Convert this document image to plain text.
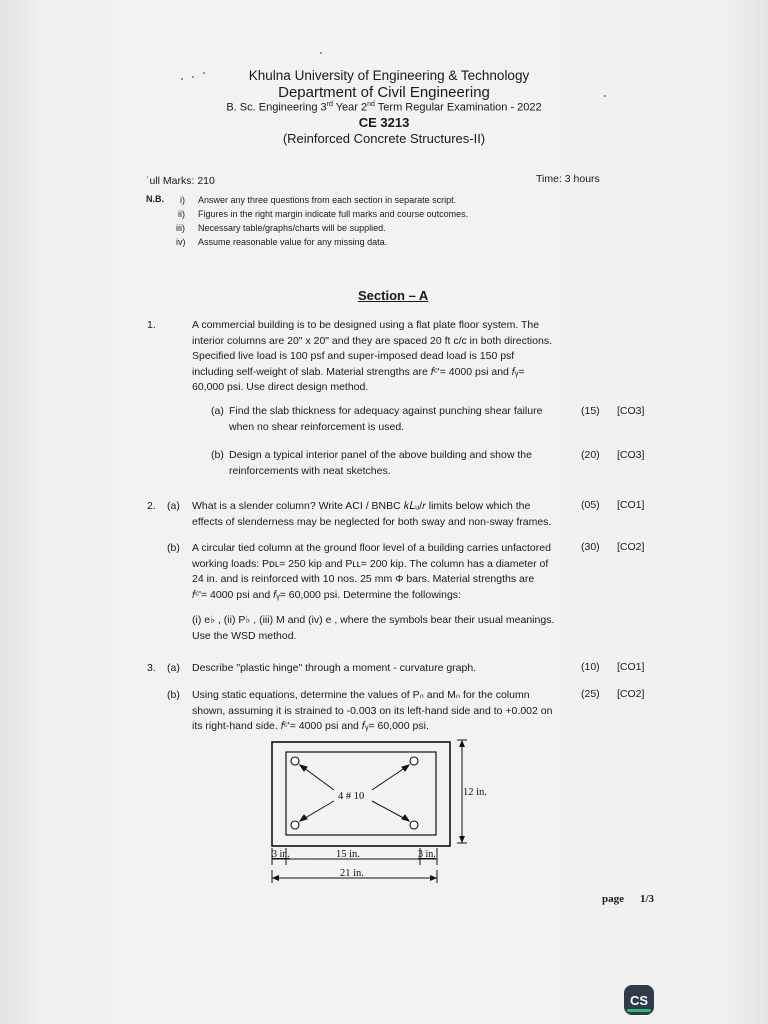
Khulna University of Engineering & Technology
Department of Civil Engineering
B. Sc. Engineering 3rd Year 2nd Term Regular Examination - 2022
CE 3213
(Reinforced Concrete Structures-II)
ˈull Marks: 210	Time: 3 hours
N.B. i) Answer any three questions from each section in separate script.
ii) Figures in the right margin indicate full marks and course outcomes.
iii) Necessary table/graphs/charts will be supplied.
iv) Assume reasonable value for any missing data.
Section – A
1.	A commercial building is to be designed using a flat plate floor system. The
interior columns are 20" x 20" and they are spaced 20 ft c/c in both directions.
Specified live load is 100 psf and super-imposed dead load is 150 psf
including self-weight of slab. Material strengths are 𝑓ᶜ'= 4000 psi and 𝑓ᵧ=
60,000 psi. Use direct design method.
(a) Find the slab thickness for adequacy against punching shear failure
when no shear reinforcement is used.
(15) [CO3]
(b) Design a typical interior panel of the above building and show the
reinforcements with neat sketches.
(20) [CO3]
2. (a) What is a slender column? Write ACI / BNBC 𝑘𝐿ᵤ/𝑟 limits below which the
effects of slenderness may be neglected for both sway and non-sway frames.
(05) [CO1]
(b) A circular tied column at the ground floor level of a building carries unfactored
working loads: Pᴅʟ= 250 kip and Pʟʟ= 200 kip. The column has a diameter of
24 in. and is reinforced with 10 nos. 25 mm Φ bars. Material strengths are
𝑓ᶜ'= 4000 psi and 𝑓ᵧ= 60,000 psi. Determine the followings:
(i) e♭ , (ii) P♭ , (iii) M and (iv) e , where the symbols bear their usual meanings.
Use the WSD method.
(30) [CO2]
3. (a) Describe "plastic hinge" through a moment - curvature graph.	(10) [CO1]
(b) Using static equations, determine the values of Pₙ and Mₙ for the column
shown, assuming it is strained to -0.003 on its left-hand side and to +0.002 on
its right-hand side. 𝑓ᶜ'= 4000 psi and 𝑓ᵧ= 60,000 psi.
(25) [CO2]
4 # 10	12 in.
3 in.	15 in.	3 in.
21 in.
page 1/3
CS
